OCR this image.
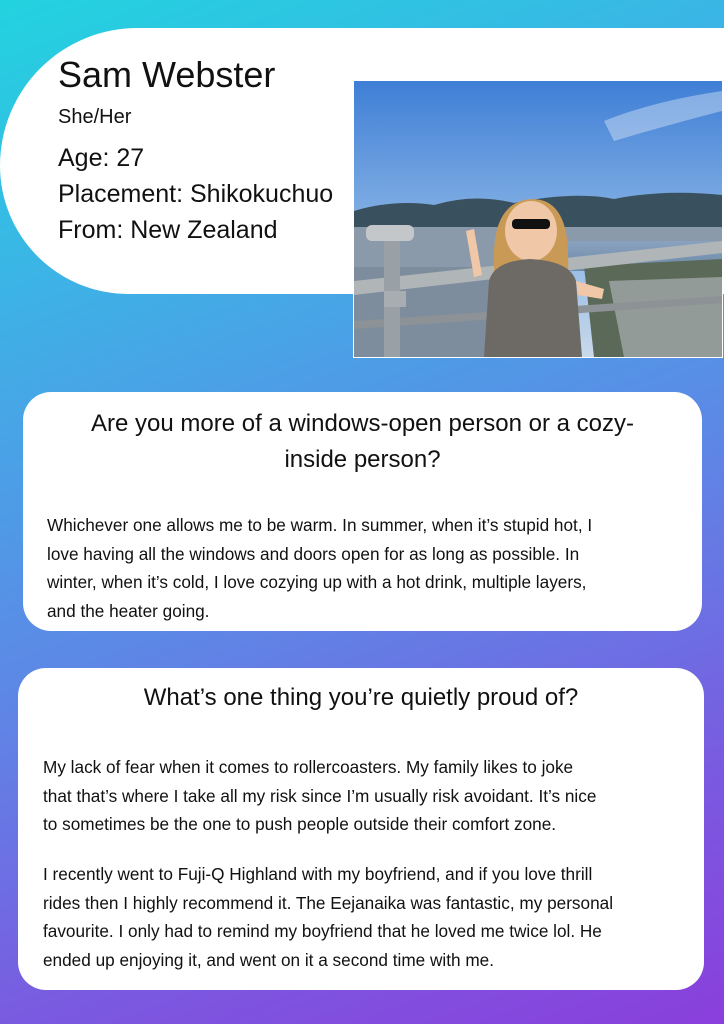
Sam Webster
She/Her
Age: 27
Placement: Shikokuchuo
From: New Zealand
Are you more of a windows-open person or a cozy-
inside person?

Whichever one allows me to be warm. In summer, when it’s stupid hot, I

love having all the windows and doors open for as long as possible. In

winter, when it’s cold, I love cozying up with a hot drink, multiple layers,

and the heater going.

What’s one thing you’re quietly proud of?

My lack of fear when it comes to rollercoasters. My family likes to joke

that that’s where I take all my risk since I’m usually risk avoidant. It’s nice

to sometimes be the one to push people outside their comfort zone.

I recently went to Fuji-Q Highland with my boyfriend, and if you love thrill

rides then I highly recommend it. The Eejanaika was fantastic, my personal

favourite. I only had to remind my boyfriend that he loved me twice lol. He

ended up enjoying it, and went on it a second time with me.
